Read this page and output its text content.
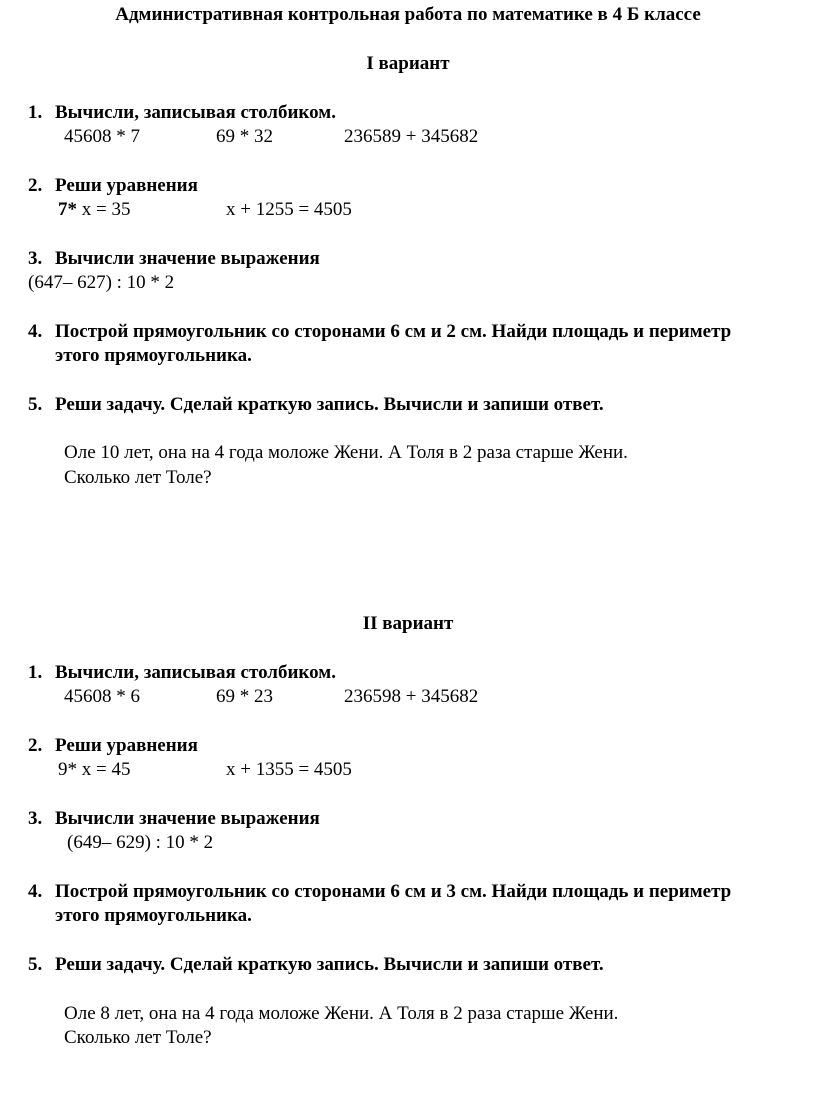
Административная контрольная работа по математике в 4 Б классе
I вариант
1. Вычисли, записывая столбиком.
45608 * 7	69 * 32	236589 + 345682
2. Реши уравнения
7* x = 35	x + 1255 = 4505
3. Вычисли значение выражения
(647– 627) : 10 * 2
4. Построй прямоугольник со сторонами 6 см и 2 см. Найди площадь и периметр
этого прямоугольника.
5. Реши задачу. Сделай краткую запись. Вычисли и запиши ответ.
Оле 10 лет, она на 4 года моложе Жени. А Толя в 2 раза старше Жени.
Сколько лет Толе?
II вариант
1. Вычисли, записывая столбиком.
45608 * 6	69 * 23	236598 + 345682
2. Реши уравнения
9* x = 45	x + 1355 = 4505
3. Вычисли значение выражения
(649– 629) : 10 * 2
4. Построй прямоугольник со сторонами 6 см и 3 см. Найди площадь и периметр
этого прямоугольника.
5. Реши задачу. Сделай краткую запись. Вычисли и запиши ответ.
Оле 8 лет, она на 4 года моложе Жени. А Толя в 2 раза старше Жени.
Сколько лет Толе?
